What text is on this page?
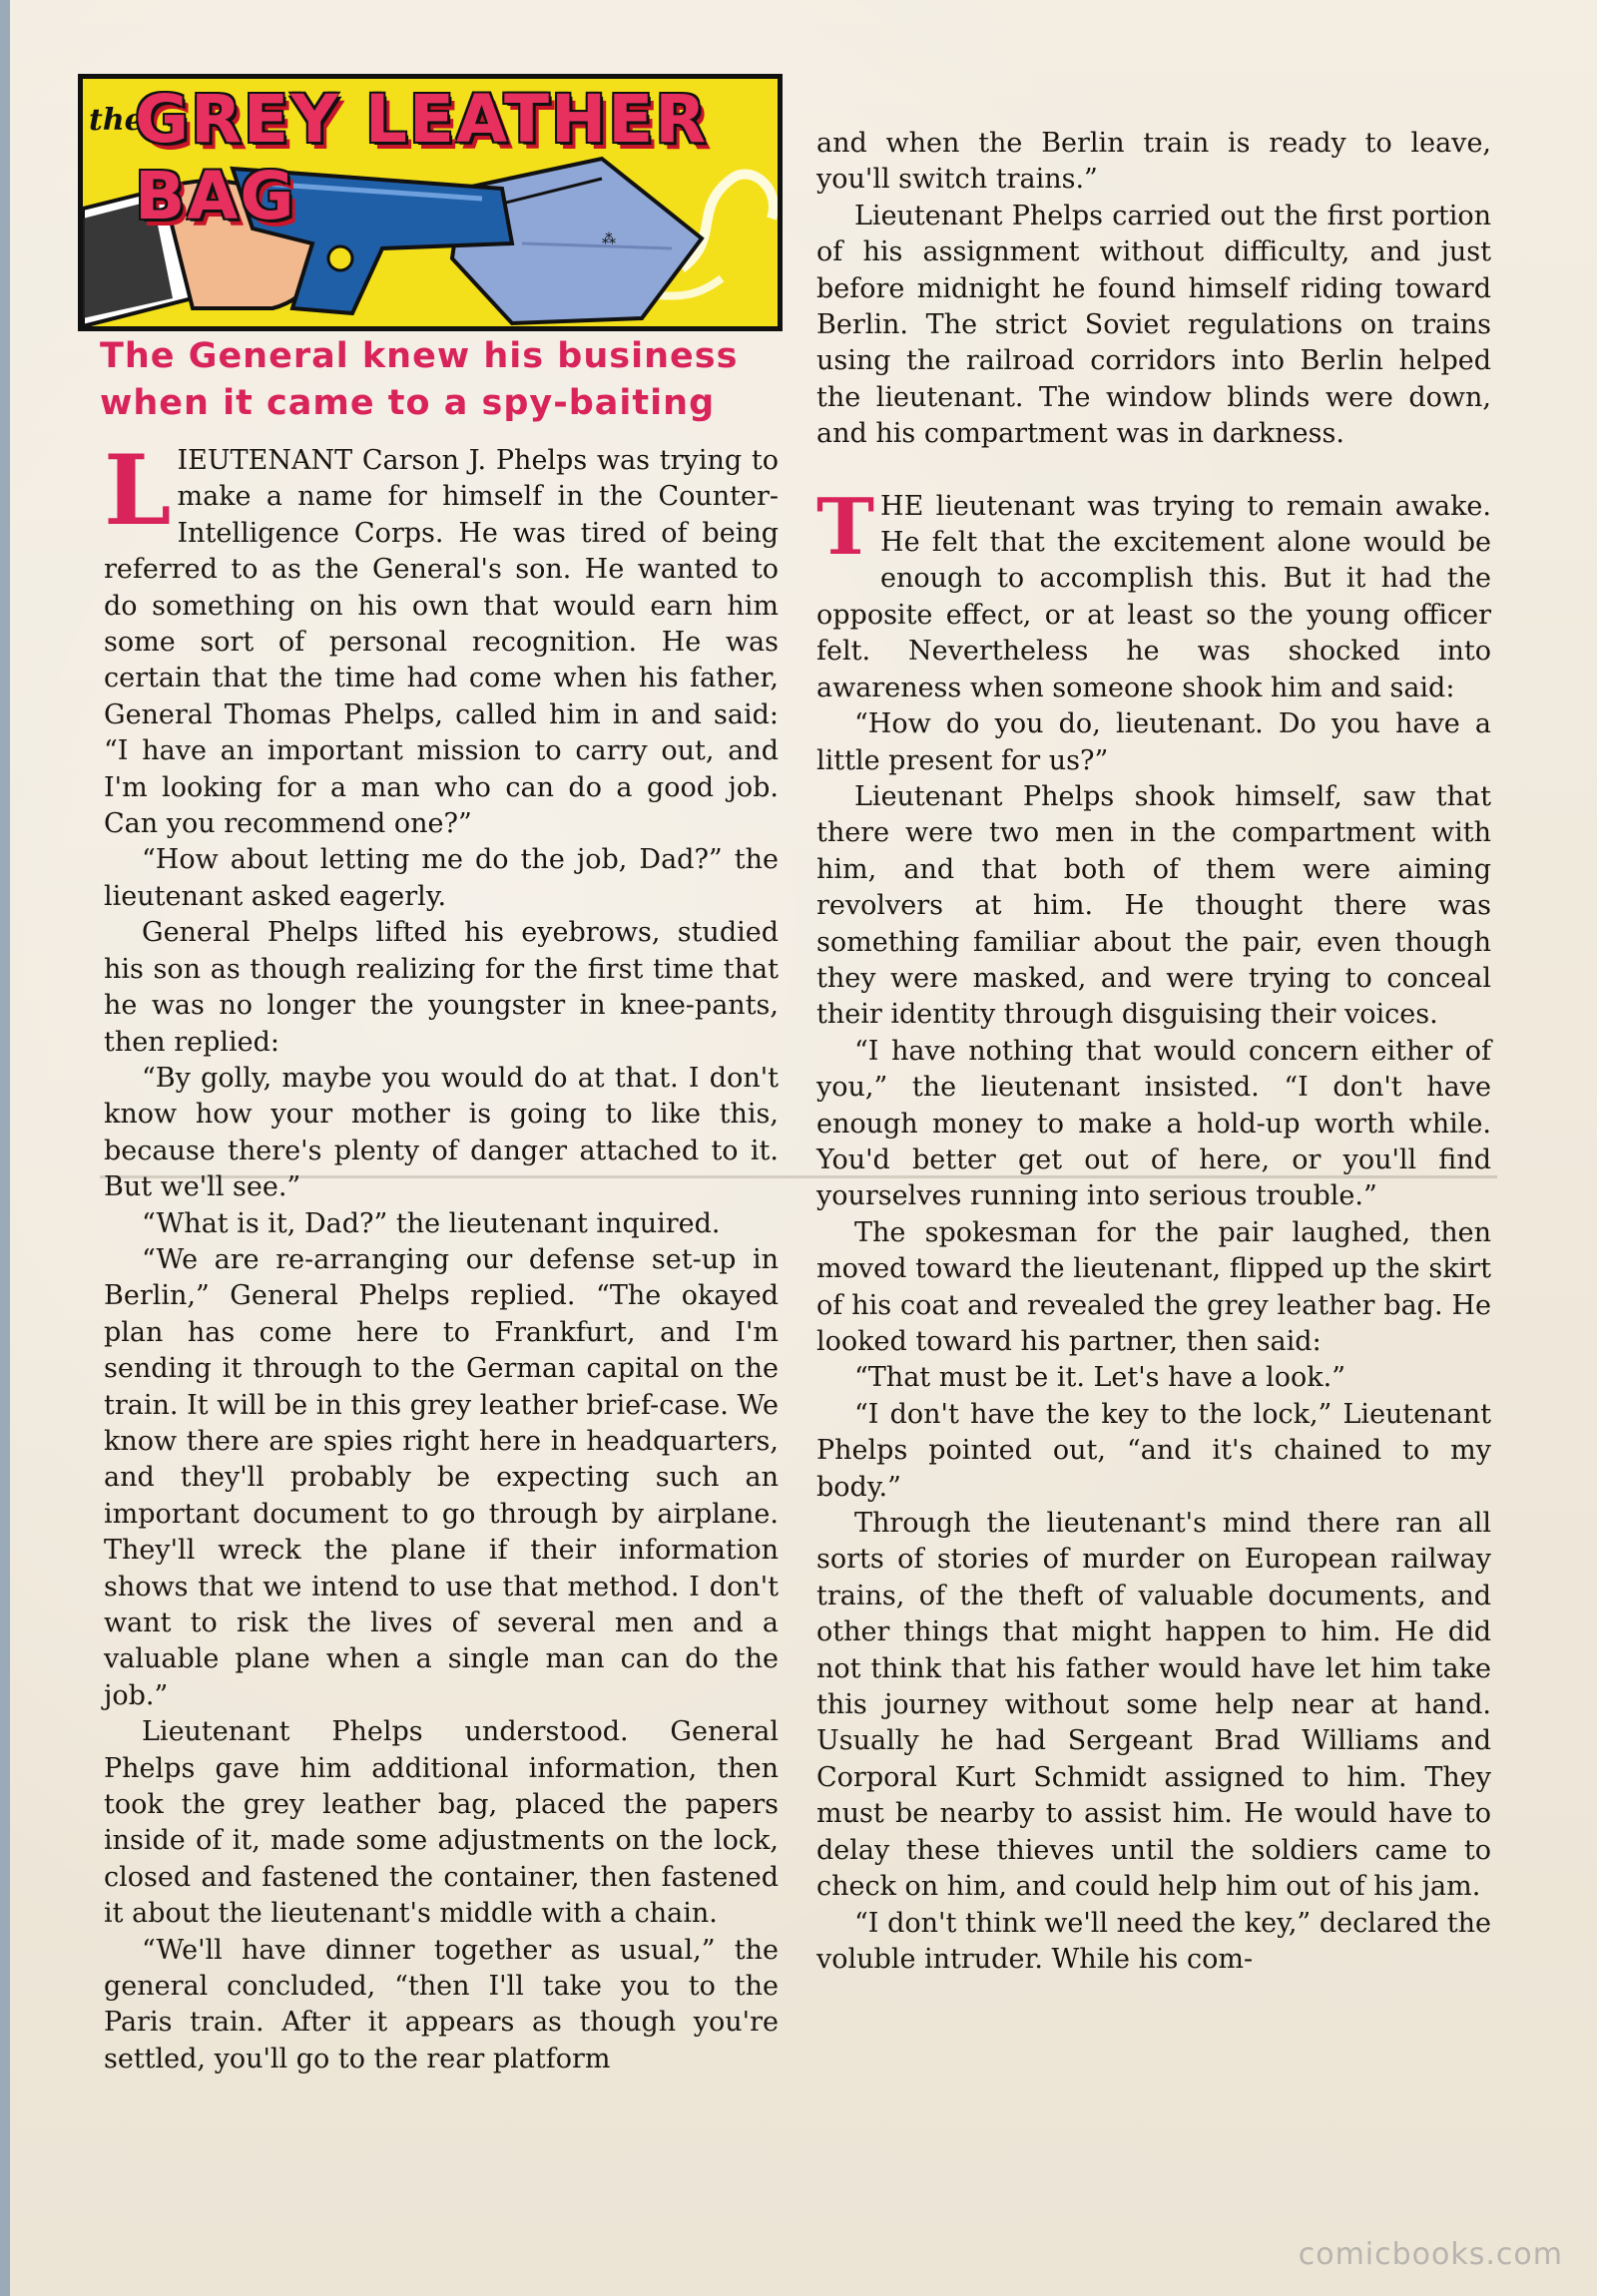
⁂
the
GREY LEATHER BAG
The General knew his business
when it came to a spy-baiting

LIEUTENANT Carson J. Phelps was trying to make a name for himself in the Counter-Intelligence Corps. He was tired of being referred to as the General's son. He wanted to do something on his own that would earn him some sort of personal recognition. He was certain that the time had come when his father, General Thomas Phelps, called him in and said: “I have an important mission to carry out, and I'm looking for a man who can do a good job. Can you recommend one?”

“How about letting me do the job, Dad?” the lieutenant asked eagerly.

General Phelps lifted his eyebrows, studied his son as though realizing for the first time that he was no longer the youngster in knee-pants, then replied:

“By golly, maybe you would do at that. I don't know how your mother is going to like this, because there's plenty of danger attached to it. But we'll see.”

“What is it, Dad?” the lieutenant inquired.

“We are re-arranging our defense set-up in Berlin,” General Phelps replied. “The okayed plan has come here to Frankfurt, and I'm sending it through to the German capital on the train. It will be in this grey leather brief-case. We know there are spies right here in headquarters, and they'll probably be expecting such an important document to go through by airplane. They'll wreck the plane if their information shows that we intend to use that method. I don't want to risk the lives of several men and a valuable plane when a single man can do the job.”

Lieutenant Phelps understood. General Phelps gave him additional information, then took the grey leather bag, placed the papers inside of it, made some adjustments on the lock, closed and fastened the container, then fastened it about the lieutenant's middle with a chain.

“We'll have dinner together as usual,” the general concluded, “then I'll take you to the Paris train. After it appears as though you're settled, you'll go to the rear platform

and when the Berlin train is ready to leave, you'll switch trains.”

Lieutenant Phelps carried out the first portion of his assignment without difficulty, and just before midnight he found himself riding toward Berlin. The strict Soviet regulations on trains using the railroad corridors into Berlin helped the lieutenant. The window blinds were down, and his compartment was in darkness.

THE lieutenant was trying to remain awake. He felt that the excitement alone would be enough to accomplish this. But it had the opposite effect, or at least so the young officer felt. Nevertheless he was shocked into awareness when someone shook him and said:

“How do you do, lieutenant. Do you have a little present for us?”

Lieutenant Phelps shook himself, saw that there were two men in the compartment with him, and that both of them were aiming revolvers at him. He thought there was something familiar about the pair, even though they were masked, and were trying to conceal their identity through disguising their voices.

“I have nothing that would concern either of you,” the lieutenant insisted. “I don't have enough money to make a hold-up worth while. You'd better get out of here, or you'll find yourselves running into serious trouble.”

The spokesman for the pair laughed, then moved toward the lieutenant, flipped up the skirt of his coat and revealed the grey leather bag. He looked toward his partner, then said:

“That must be it. Let's have a look.”

“I don't have the key to the lock,” Lieutenant Phelps pointed out, “and it's chained to my body.”

Through the lieutenant's mind there ran all sorts of stories of murder on European railway trains, of the theft of valuable documents, and other things that might happen to him. He did not think that his father would have let him take this journey without some help near at hand. Usually he had Sergeant Brad Williams and Corporal Kurt Schmidt assigned to him. They must be nearby to assist him. He would have to delay these thieves until the soldiers came to check on him, and could help him out of his jam.

“I don't think we'll need the key,” declared the voluble intruder. While his com-

comicbooks.com
